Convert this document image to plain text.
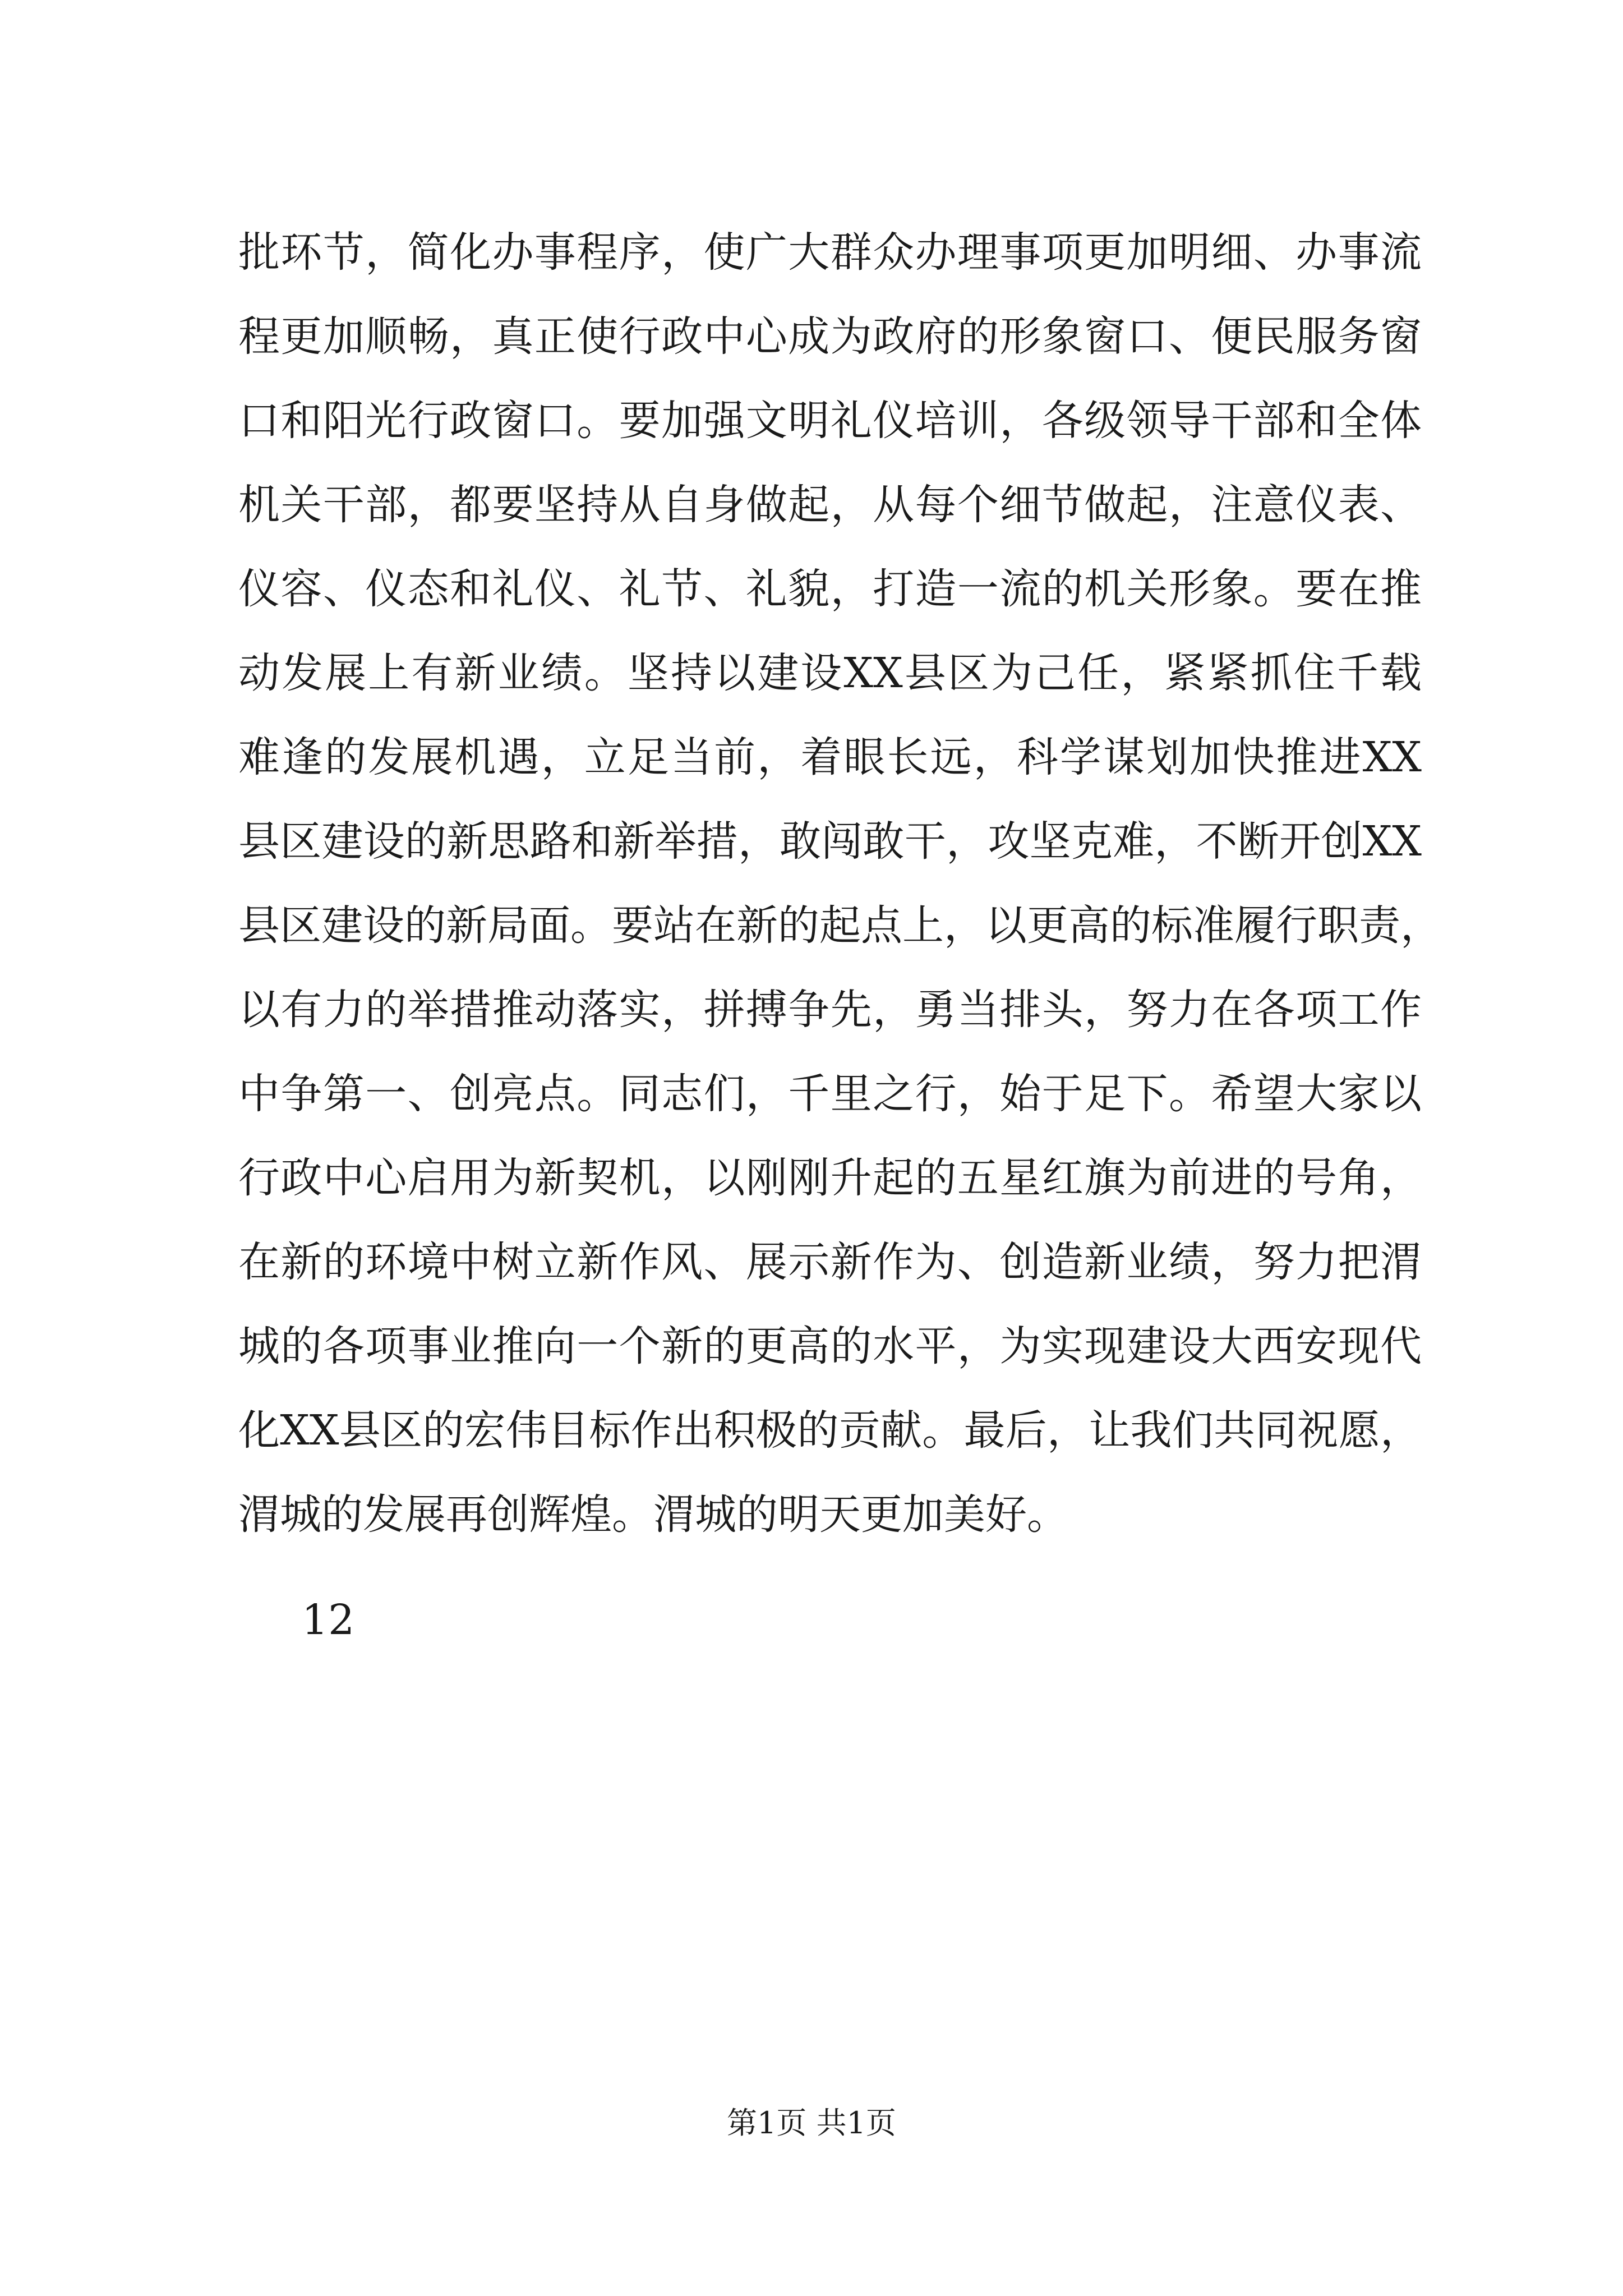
批环节，简化办事程序，使广大群众办理事项更加明细、办事流
程更加顺畅，真正使行政中心成为政府的形象窗口、便民服务窗
口和阳光行政窗口。要加强文明礼仪培训，各级领导干部和全体
机关干部，都要坚持从自身做起，从每个细节做起，注意仪表、
仪容、仪态和礼仪、礼节、礼貌，打造一流的机关形象。要在推
动发展上有新业绩。坚持以建设XX县区为己任，紧紧抓住千载
难逢的发展机遇，立足当前，着眼长远，科学谋划加快推进XX
县区建设的新思路和新举措，敢闯敢干，攻坚克难，不断开创XX
县区建设的新局面。要站在新的起点上，以更高的标准履行职责，
以有力的举措推动落实，拼搏争先，勇当排头，努力在各项工作
中争第一、创亮点。同志们，千里之行，始于足下。希望大家以
行政中心启用为新契机，以刚刚升起的五星红旗为前进的号角，
在新的环境中树立新作风、展示新作为、创造新业绩，努力把渭
城的各项事业推向一个新的更高的水平，为实现建设大西安现代
化XX县区的宏伟目标作出积极的贡献。最后，让我们共同祝愿，
渭城的发展再创辉煌。渭城的明天更加美好。
12
第1页 共1页
